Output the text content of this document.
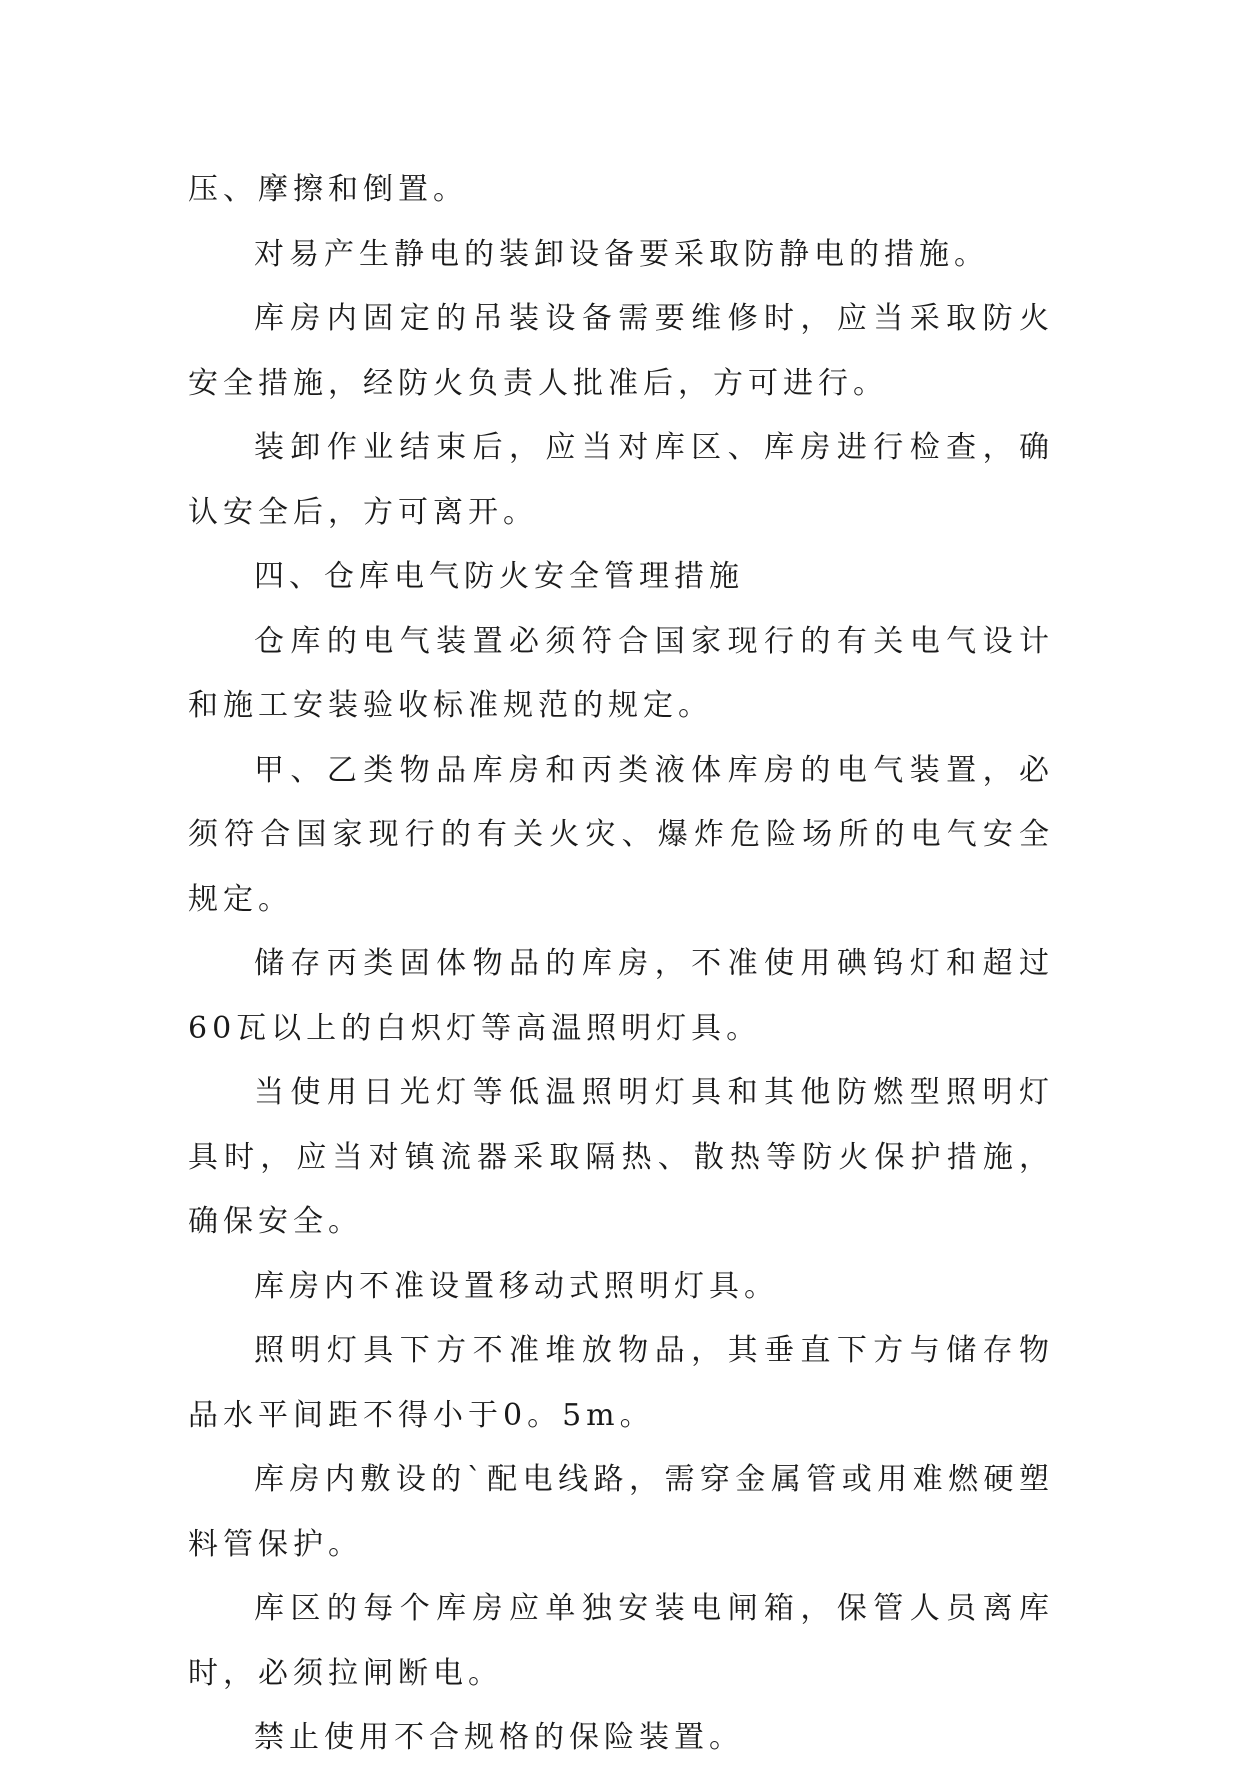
压、摩擦和倒置。

对易产生静电的装卸设备要采取防静电的措施。

库房内固定的吊装设备需要维修时，应当采取防火安全措施，经防火负责人批准后，方可进行。

装卸作业结束后，应当对库区、库房进行检查，确认安全后，方可离开。

四、仓库电气防火安全管理措施

仓库的电气装置必须符合国家现行的有关电气设计和施工安装验收标准规范的规定。

甲、乙类物品库房和丙类液体库房的电气装置，必须符合国家现行的有关火灾、爆炸危险场所的电气安全规定。

储存丙类固体物品的库房，不准使用碘钨灯和超过60瓦以上的白炽灯等高温照明灯具。

当使用日光灯等低温照明灯具和其他防燃型照明灯具时，应当对镇流器采取隔热、散热等防火保护措施，确保安全。

库房内不准设置移动式照明灯具。

照明灯具下方不准堆放物品，其垂直下方与储存物品水平间距不得小于0。5m。

库房内敷设的`配电线路，需穿金属管或用难燃硬塑料管保护。

库区的每个库房应单独安装电闸箱，保管人员离库时，必须拉闸断电。

禁止使用不合规格的保险装置。
